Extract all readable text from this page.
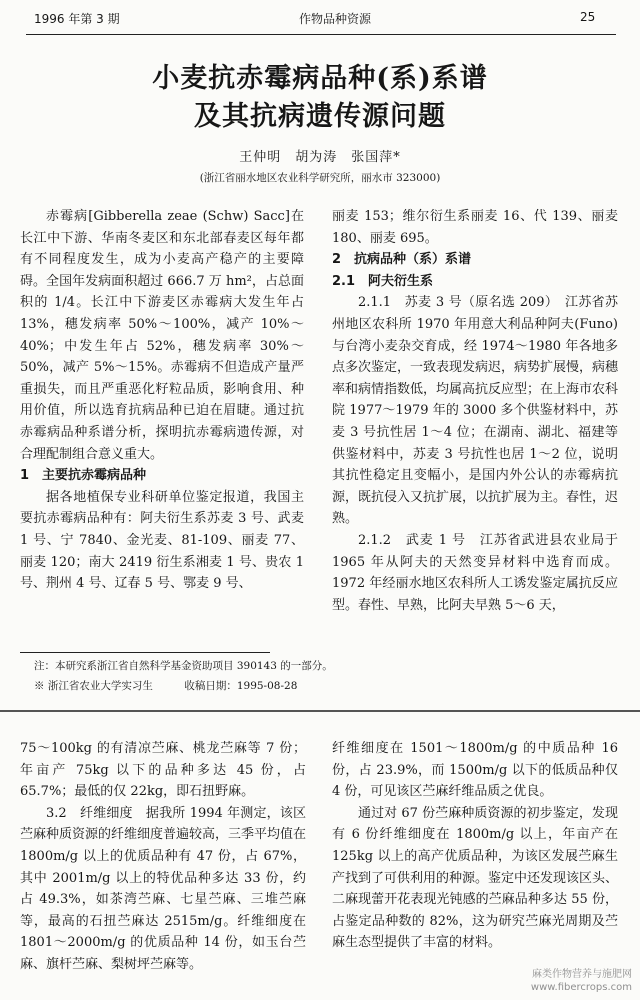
1996 年第 3 期	作物品种资源	25
小麦抗赤霉病品种(系)系谱
及其抗病遗传源问题
王仲明　胡为涛　张国萍*
(浙江省丽水地区农业科学研究所，丽水市 323000)

赤霉病[Gibberella zeae (Schw) Sacc]在长江中下游、华南冬麦区和东北部春麦区每年都有不同程度发生，成为小麦高产稳产的主要障碍。全国年发病面积超过 666.7 万 hm²，占总面积的 1/4。长江中下游麦区赤霉病大发生年占 13%，穗发病率 50%～100%，减产 10%～40%；中发生年占 52%，穗发病率 30%～50%，减产 5%～15%。赤霉病不但造成产量严重损失，而且严重恶化籽粒品质，影响食用、种用价值，所以选育抗病品种已迫在眉睫。通过抗赤霉病品种系谱分析，探明抗赤霉病遗传源，对合理配制组合意义重大。

1　主要抗赤霉病品种

据各地植保专业科研单位鉴定报道，我国主要抗赤霉病品种有：阿夫衍生系苏麦 3 号、武麦 1 号、宁 7840、金光麦、81-109、丽麦 77、丽麦 120；南大 2419 衍生系湘麦 1 号、贵农 1 号、荆州 4 号、辽春 5 号、鄂麦 9 号、

丽麦 153；维尔衍生系丽麦 16、代 139、丽麦 180、丽麦 695。

2　抗病品种（系）系谱

2.1　阿夫衍生系

2.1.1　苏麦 3 号（原名选 209）　江苏省苏州地区农科所 1970 年用意大利品种阿夫(Funo)与台湾小麦杂交育成，经 1974～1980 年各地多点多次鉴定，一致表现发病迟，病势扩展慢，病穗率和病情指数低，均属高抗反应型；在上海市农科院 1977～1979 年的 3000 多个供鉴材料中，苏麦 3 号抗性居 1～4 位；在湖南、湖北、福建等供鉴材料中，苏麦 3 号抗性也居 1～2 位，说明其抗性稳定且变幅小，是国内外公认的赤霉病抗源，既抗侵入又抗扩展，以抗扩展为主。春性，迟熟。

2.1.2　武麦 1 号　江苏省武进县农业局于 1965 年从阿夫的天然变异材料中选育而成。1972 年经丽水地区农科所人工诱发鉴定属抗反应型。春性、早熟，比阿夫早熟 5～6 天，

注：本研究系浙江省自然科学基金资助项目 390143 的一部分。
※ 浙江省农业大学实习生　　　收稿日期：1995-08-28

75～100kg 的有清凉苎麻、桃龙苎麻等 7 份；年亩产 75kg 以下的品种多达 45 份，占 65.7%；最低的仅 22kg，即石扭野麻。

3.2　纤维细度　据我所 1994 年测定，该区苎麻种质资源的纤维细度普遍较高，三季平均值在 1800m/g 以上的优质品种有 47 份，占 67%，其中 2001m/g 以上的特优品种多达 33 份，约占 49.3%，如茶湾苎麻、七星苎麻、三堆苎麻等，最高的石扭苎麻达 2515m/g。纤维细度在 1801～2000m/g 的优质品种 14 份，如玉台苎麻、旗杆苎麻、梨树坪苎麻等。

纤维细度在 1501～1800m/g 的中质品种 16 份，占 23.9%，而 1500m/g 以下的低质品种仅 4 份，可见该区苎麻纤维品质之优良。

通过对 67 份苎麻种质资源的初步鉴定，发现有 6 份纤维细度在 1800m/g 以上，年亩产在 125kg 以上的高产优质品种，为该区发展苎麻生产找到了可供利用的种源。鉴定中还发现该区头、二麻现蕾开花表现光钝感的苎麻品种多达 55 份，占鉴定品种数的 82%，这为研究苎麻光周期及苎麻生态型提供了丰富的材料。

麻类作物营养与施肥网
www.fibercrops.com
